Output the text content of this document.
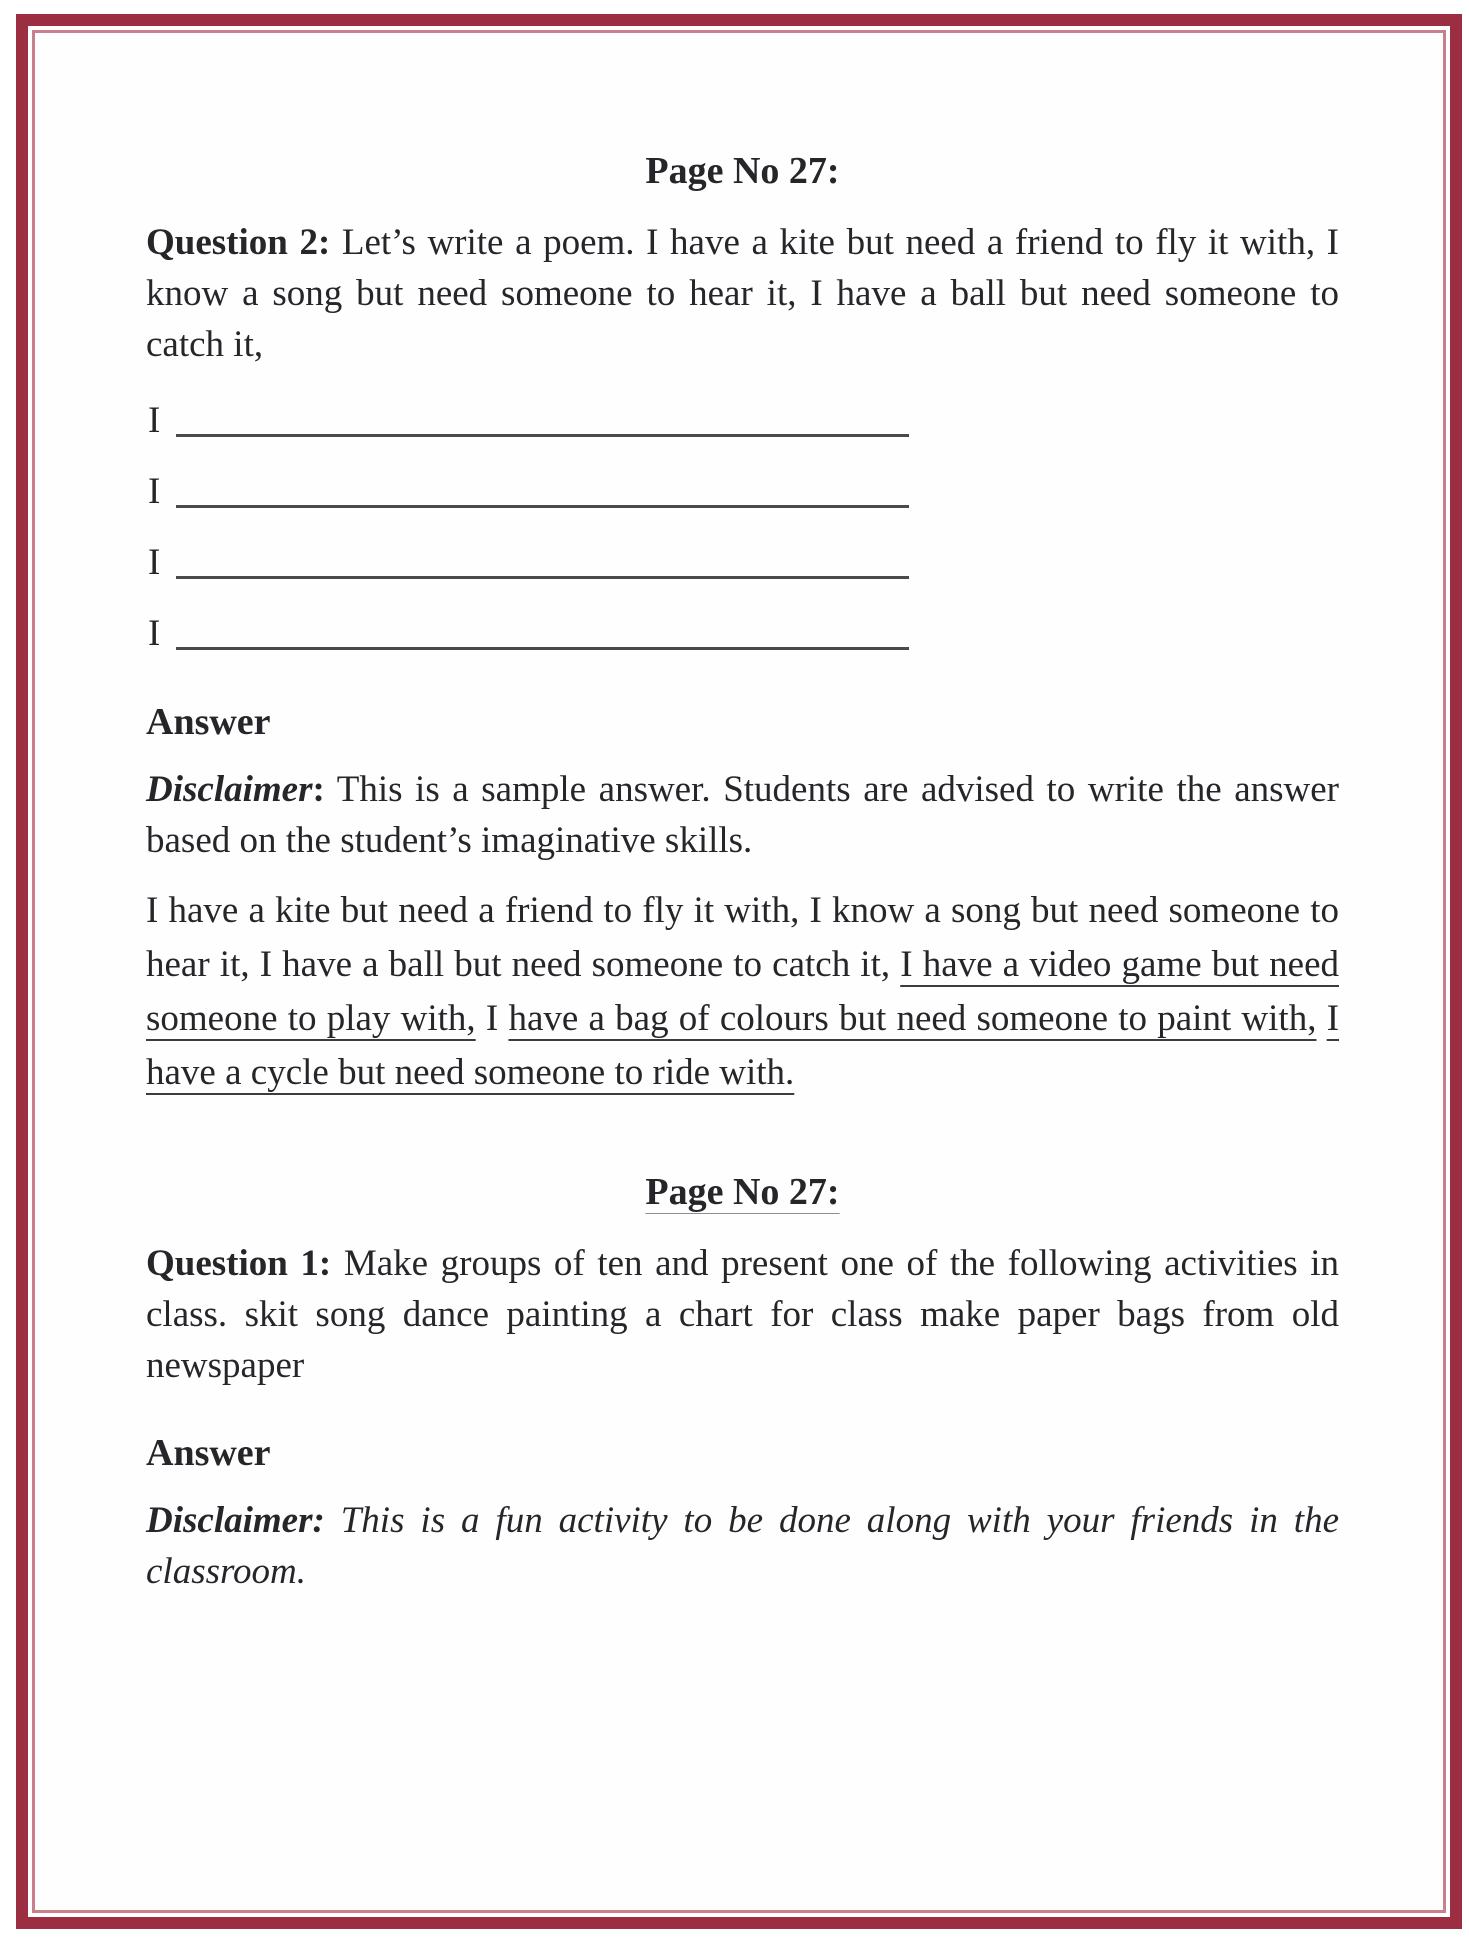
Page No 27:

Question 2: Let’s write a poem. I have a kite but need a friend to fly it with, I know a song but need someone to hear it, I have a ball but need someone to catch it,

I
I
I
I

Answer

Disclaimer: This is a sample answer. Students are advised to write the answer based on the student’s imaginative skills.

I have a kite but need a friend to fly it with, I know a song but need someone to hear it, I have a ball but need someone to catch it, I have a video game but need someone to play with, I have a bag of colours but need someone to paint with, I have a cycle but need someone to ride with.

Page No 27:

Question 1: Make groups of ten and present one of the following activities in class. skit song dance painting a chart for class make paper bags from old newspaper

Answer

Disclaimer: This is a fun activity to be done along with your friends in the classroom.
